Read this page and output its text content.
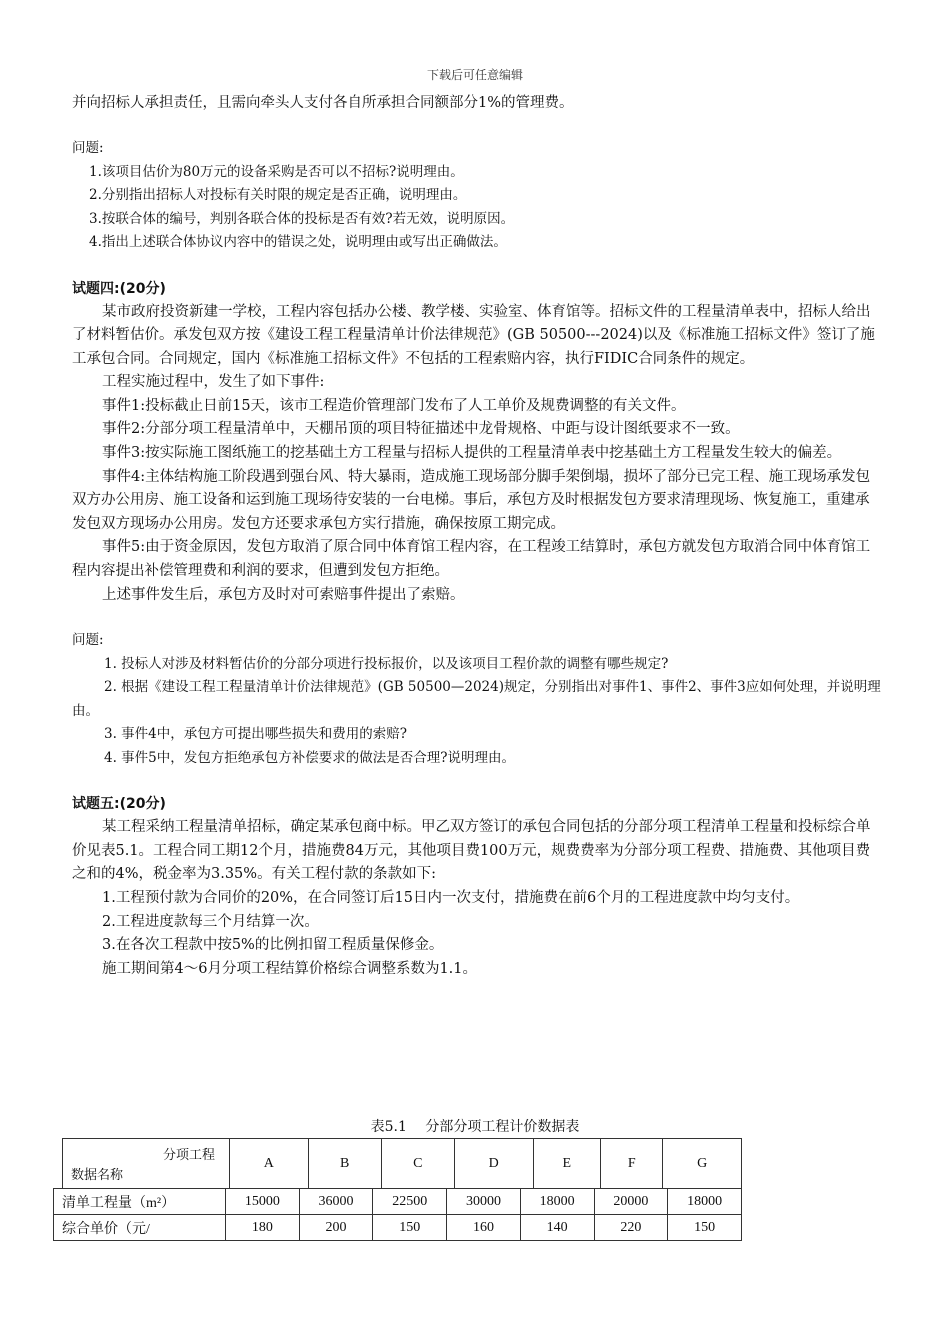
下载后可任意编辑
并向招标人承担责任，且需向牵头人支付各自所承担合同额部分1%的管理费。
问题:
1.该项目估价为80万元的设备采购是否可以不招标?说明理由。
2.分别指出招标人对投标有关时限的规定是否正确，说明理由。
3.按联合体的编号，判别各联合体的投标是否有效?若无效，说明原因。
4.指出上述联合体协议内容中的错误之处，说明理由或写出正确做法。
试题四:(20分)
某市政府投资新建一学校，工程内容包括办公楼、教学楼、实验室、体育馆等。招标文件的工程量清单表中，招标人给出了材料暂估价。承发包双方按《建设工程工程量清单计价法律规范》(GB 50500---2024)以及《标准施工招标文件》签订了施工承包合同。合同规定，国内《标准施工招标文件》不包括的工程索赔内容，执行FIDIC合同条件的规定。
工程实施过程中，发生了如下事件:
事件1:投标截止日前15天，该市工程造价管理部门发布了人工单价及规费调整的有关文件。
事件2:分部分项工程量清单中，天棚吊顶的项目特征描述中龙骨规格、中距与设计图纸要求不一致。
事件3:按实际施工图纸施工的挖基础土方工程量与招标人提供的工程量清单表中挖基础土方工程量发生较大的偏差。
事件4:主体结构施工阶段遇到强台风、特大暴雨，造成施工现场部分脚手架倒塌，损坏了部分已完工程、施工现场承发包双方办公用房、施工设备和运到施工现场待安装的一台电梯。事后，承包方及时根据发包方要求清理现场、恢复施工，重建承发包双方现场办公用房。发包方还要求承包方实行措施，确保按原工期完成。
事件5:由于资金原因，发包方取消了原合同中体育馆工程内容，在工程竣工结算时，承包方就发包方取消合同中体育馆工程内容提出补偿管理费和利润的要求，但遭到发包方拒绝。
上述事件发生后，承包方及时对可索赔事件提出了索赔。
问题:
1. 投标人对涉及材料暂估价的分部分项进行投标报价，以及该项目工程价款的调整有哪些规定?
2. 根据《建设工程工程量清单计价法律规范》(GB 50500—2024)规定，分别指出对事件1、事件2、事件3应如何处理，并说明理由。
3. 事件4中，承包方可提出哪些损失和费用的索赔?
4. 事件5中，发包方拒绝承包方补偿要求的做法是否合理?说明理由。
试题五:(20分)
某工程采纳工程量清单招标，确定某承包商中标。甲乙双方签订的承包合同包括的分部分项工程清单工程量和投标综合单价见表5.1。工程合同工期12个月，措施费84万元，其他项目费100万元，规费费率为分部分项工程费、措施费、其他项目费之和的4%，税金率为3.35%。有关工程付款的条款如下:
1.工程预付款为合同价的20%，在合同签订后15日内一次支付，措施费在前6个月的工程进度款中均匀支付。
2.工程进度款每三个月结算一次。
3.在各次工程款中按5%的比例扣留工程质量保修金。
施工期间第4～6月分项工程结算价格综合调整系数为1.1。
表5.1　 分部分项工程计价数据表
分项工程
数据名称
	A	B	C	D	E	F	G
清单工程量（m²）	15000	36000	22500	30000	18000	20000	18000
综合单价（元/	180	200	150	160	140	220	150
